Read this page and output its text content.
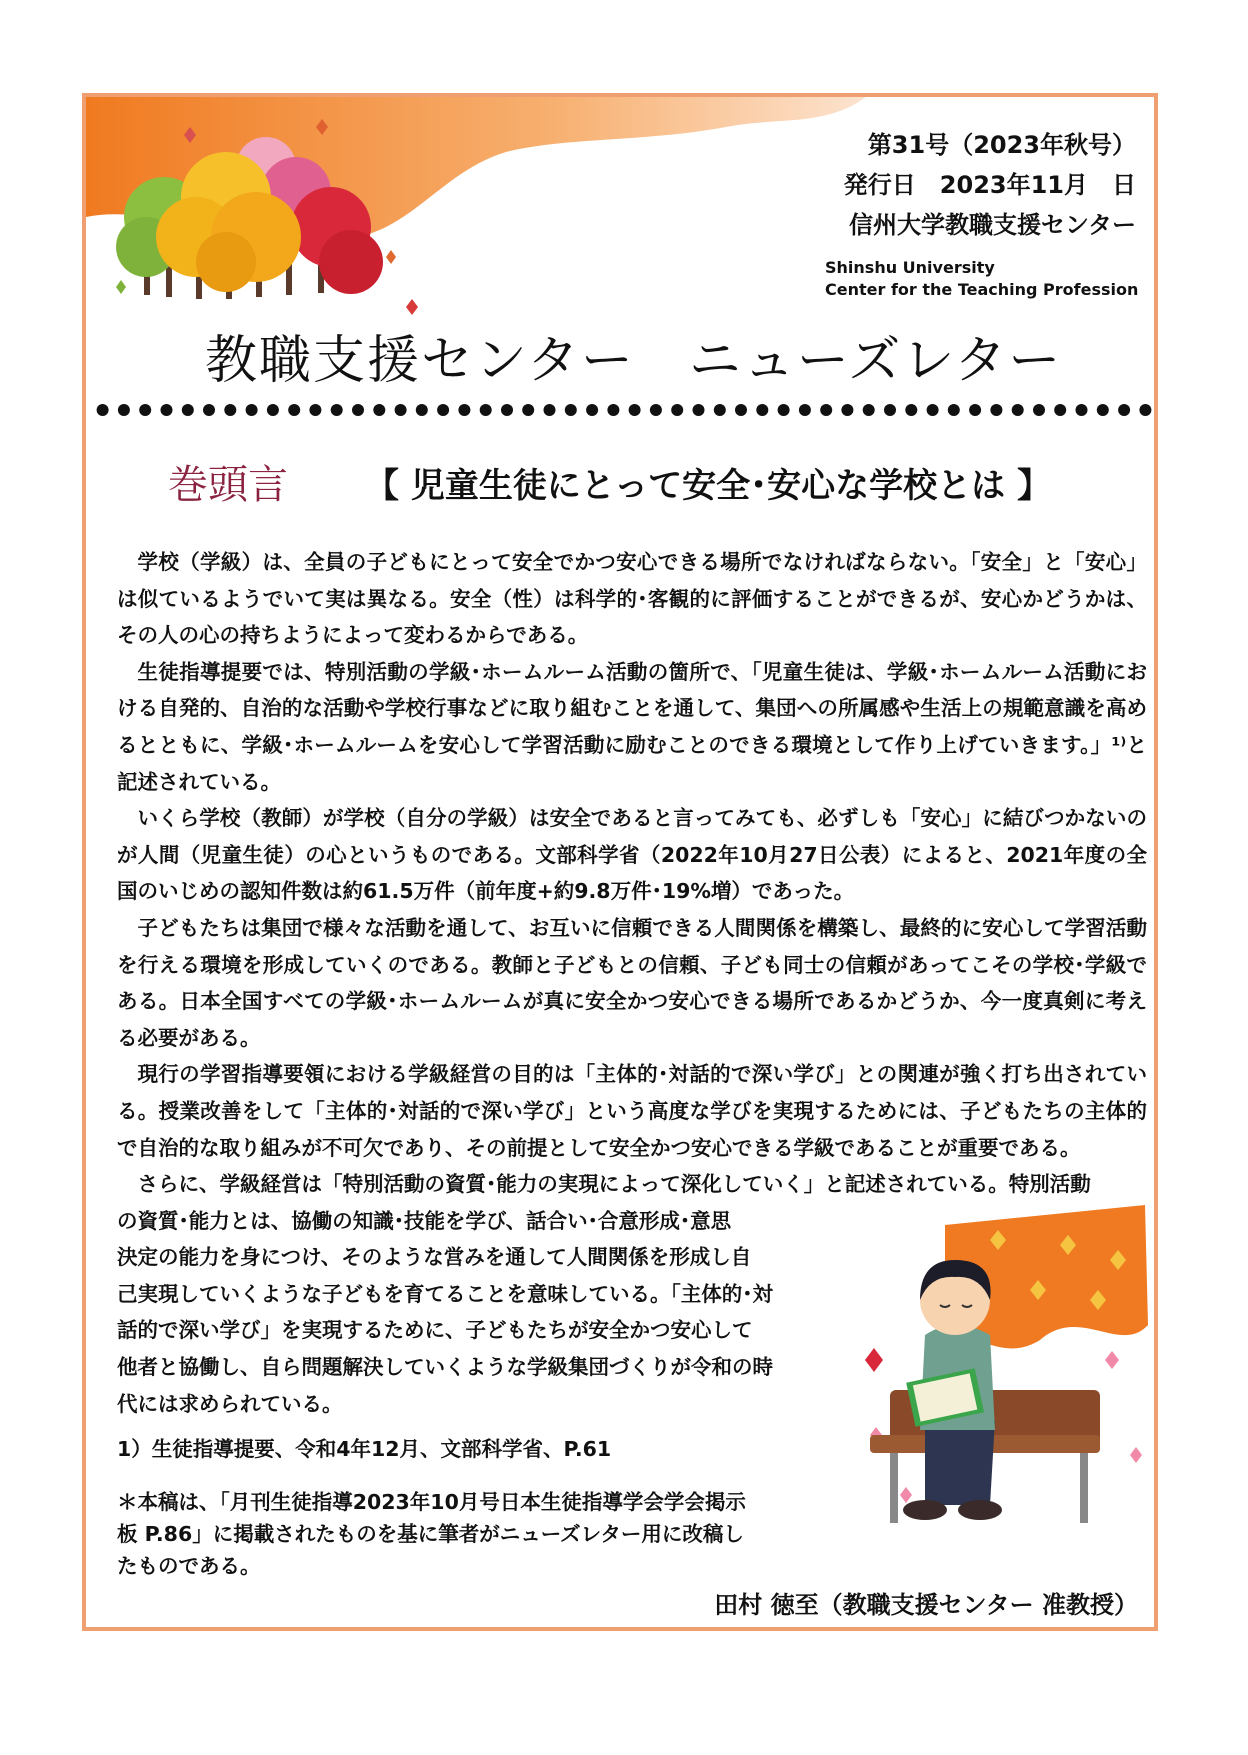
第31号（2023年秋号）
発行日　2023年11月　日
信州大学教職支援センター
Shinshu University
Center for the Teaching Profession
教職支援センター　ニューズレター
巻頭言 【 児童生徒にとって安全･安心な学校とは 】

学校（学級）は、全員の子どもにとって安全でかつ安心できる場所でなければならない。「安全」と「安心」は似ているようでいて実は異なる。安全（性）は科学的･客観的に評価することができるが、安心かどうかは、その人の心の持ちようによって変わるからである。

生徒指導提要では、特別活動の学級･ホームルーム活動の箇所で、「児童生徒は、学級･ホームルーム活動における自発的、自治的な活動や学校行事などに取り組むことを通して、集団への所属感や生活上の規範意識を高めるとともに、学級･ホームルームを安心して学習活動に励むことのできる環境として作り上げていきます。」¹⁾と記述されている。

いくら学校（教師）が学校（自分の学級）は安全であると言ってみても、必ずしも「安心」に結びつかないのが人間（児童生徒）の心というものである。文部科学省（2022年10月27日公表）によると、2021年度の全国のいじめの認知件数は約61.5万件（前年度+約9.8万件･19%増）であった。

子どもたちは集団で様々な活動を通して、お互いに信頼できる人間関係を構築し、最終的に安心して学習活動を行える環境を形成していくのである。教師と子どもとの信頼、子ども同士の信頼があってこその学校･学級である。日本全国すべての学級･ホームルームが真に安全かつ安心できる場所であるかどうか、今一度真剣に考える必要がある。

現行の学習指導要領における学級経営の目的は「主体的･対話的で深い学び」との関連が強く打ち出されている。授業改善をして「主体的･対話的で深い学び」という高度な学びを実現するためには、子どもたちの主体的で自治的な取り組みが不可欠であり、その前提として安全かつ安心できる学級であることが重要である。

さらに、学級経営は「特別活動の資質･能力の実現によって深化していく」と記述されている。特別活動

の資質･能力とは、協働の知識･技能を学び、話合い･合意形成･意思
決定の能力を身につけ、そのような営みを通して人間関係を形成し自
己実現していくような子どもを育てることを意味している。「主体的･対
話的で深い学び」を実現するために、子どもたちが安全かつ安心して
他者と協働し、自ら問題解決していくような学級集団づくりが令和の時
代には求められている。
1）生徒指導提要、令和4年12月、文部科学省、P.61
＊本稿は、「月刊生徒指導2023年10月号日本生徒指導学会学会掲示板 P.86」に掲載されたものを基に筆者がニューズレター用に改稿したものである。
田村 徳至（教職支援センター 准教授）
